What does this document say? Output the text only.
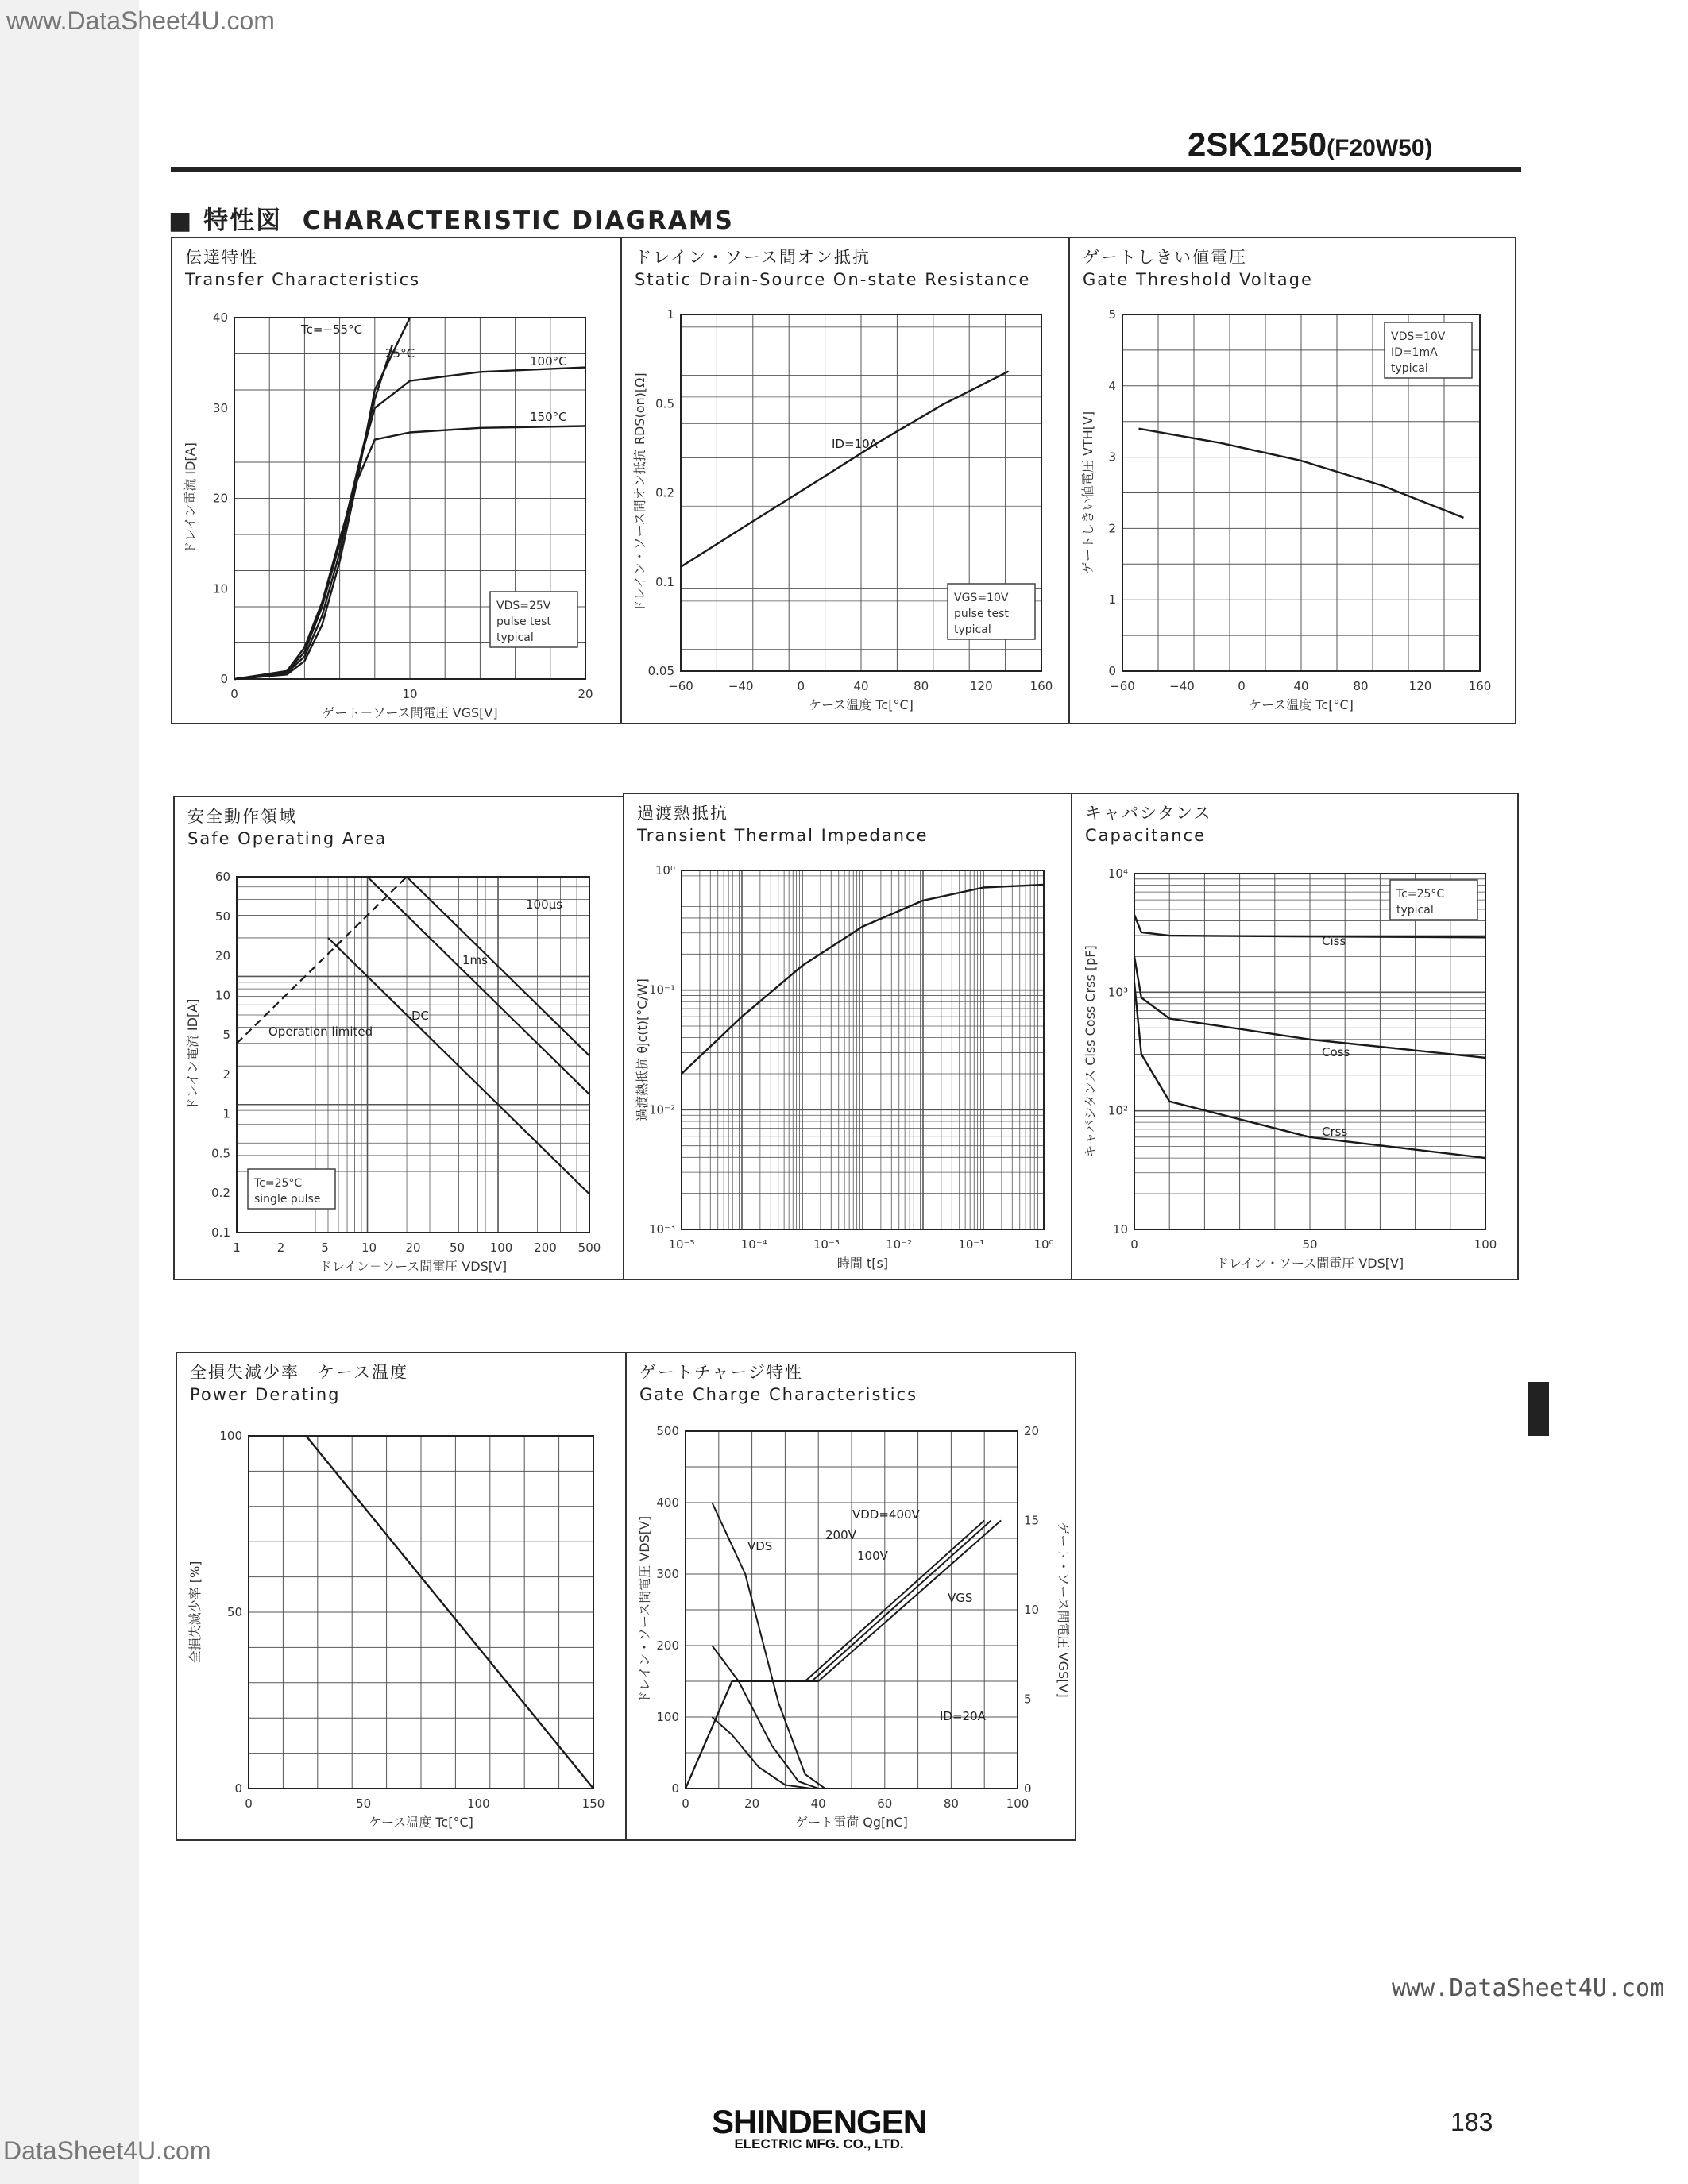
www.DataSheet4U.com
www.DataSheet4U.com
DataSheet4U.com
2SK1250(F20W50)
■ 特性図 CHARACTERISTIC DIAGRAMS
伝達特性
Transfer Characteristics
0	10	20
0
10
20
30
40
ゲート－ソース間電圧 VGS[V]
ドレイン電流 ID[A]
VDS=25V
pulse test
typical
Tc=−55°C
25°C
100°C
150°C
ドレイン・ソース間オン抵抗
Static Drain-Source On-state Resistance
−60	−40	0	40	80	120	160
0.05
0.1
0.2
0.5
1
ケース温度 Tc[°C]
ドレイン・ソース間オン抵抗 RDS(on)[Ω]	VGS=10V
pulse test
typical
ID=10A
ゲートしきい値電圧
Gate Threshold Voltage
−60	−40	0	40	80	120	160
0
1
2
3
4
5
ケース温度 Tc[°C]
ゲートしきい値電圧 VTH[V]
VDS=10V
ID=1mA
typical
安全動作領域
Safe Operating Area
1	2	5	10 20 50 100 200 500
0.1
0.2
0.5
1
2
5
10
20
50
60
ドレイン－ソース間電圧 VDS[V]
ドレイン電流 ID[A]
Tc=25°C
single pulse
Operation limited
100μs
1ms
DC
過渡熱抵抗
Transient Thermal Impedance
10⁻⁵	10⁻⁴	10⁻³	10⁻²	10⁻¹	10⁰
10⁻³
10⁻²
10⁻¹
10⁰
時間 t[s]
過渡熱抵抗 θjc(t)[°C/W]
キャパシタンス
Capacitance
0	50	100
10
10²
10³
10⁴
ドレイン・ソース間電圧 VDS[V]
キャパシタンス Ciss Coss Crss [pF]
Tc=25°C
typical
Ciss
Coss
Crss
全損失減少率－ケース温度
Power Derating
0	50	100	150
0
50
100
ケース温度 Tc[°C]
全損失減少率 [%]
ゲートチャージ特性
Gate Charge Characteristics
0	20	40	60	80	100
0
100
200
300
400
500
0
5
10
15
20
ゲート電荷 Qg[nC]
ドレイン・ソース間電圧 VDS[V]	ゲート・ソース間電圧 VGS[V]
VDD=400V
200V
100V
VDS
VGS
ID=20A
SHINDENGEN
ELECTRIC MFG. CO., LTD.
183
